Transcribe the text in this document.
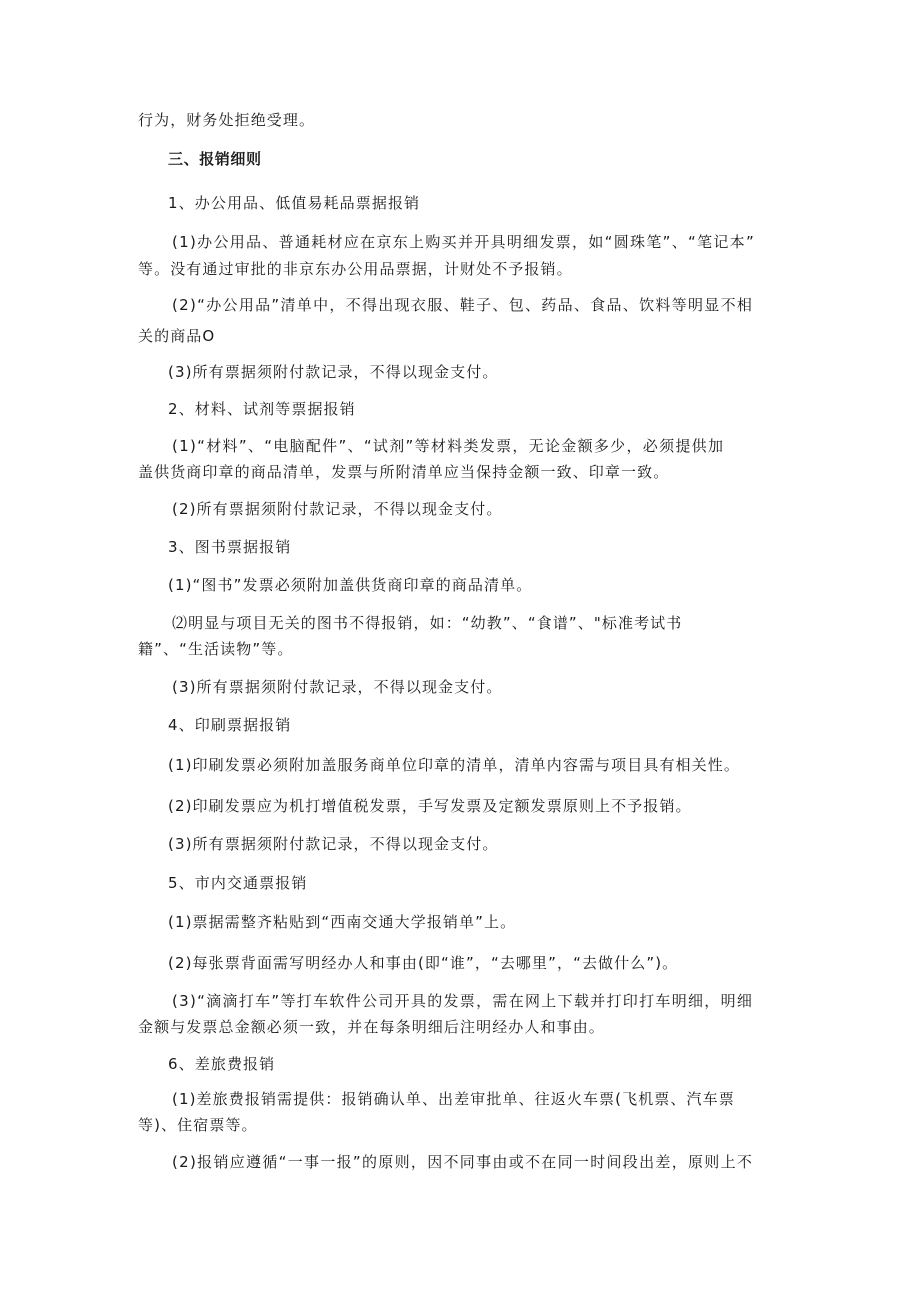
行为，财务处拒绝受理。

三、报销细则

1、办公用品、低值易耗品票据报销

(1)办公用品、普通耗材应在京东上购买并开具明细发票，如“圆珠笔”、“笔记本”

等。没有通过审批的非京东办公用品票据，计财处不予报销。

(2)“办公用品”清单中，不得出现衣服、鞋子、包、药品、食品、饮料等明显不相

关的商品O

(3)所有票据须附付款记录，不得以现金支付。

2、材料、试剂等票据报销

(1)“材料”、“电脑配件”、“试剂”等材料类发票，无论金额多少，必须提供加

盖供货商印章的商品清单，发票与所附清单应当保持金额一致、印章一致。

(2)所有票据须附付款记录，不得以现金支付。

3、图书票据报销

(1)“图书”发票必须附加盖供货商印章的商品清单。

⑵明显与项目无关的图书不得报销，如：“幼教”、“食谱”、"标准考试书

籍”、“生活读物”等。

(3)所有票据须附付款记录，不得以现金支付。

4、印刷票据报销

(1)印刷发票必须附加盖服务商单位印章的清单，清单内容需与项目具有相关性。

(2)印刷发票应为机打增值税发票，手写发票及定额发票原则上不予报销。

(3)所有票据须附付款记录，不得以现金支付。

5、市内交通票报销

(1)票据需整齐粘贴到“西南交通大学报销单”上。

(2)每张票背面需写明经办人和事由(即“谁”，“去哪里”，“去做什么”)。

(3)“滴滴打车”等打车软件公司开具的发票，需在网上下载并打印打车明细，明细

金额与发票总金额必须一致，并在每条明细后注明经办人和事由。

6、差旅费报销

(1)差旅费报销需提供：报销确认单、出差审批单、往返火车票(飞机票、汽车票

等)、住宿票等。

(2)报销应遵循“一事一报”的原则，因不同事由或不在同一时间段出差，原则上不
